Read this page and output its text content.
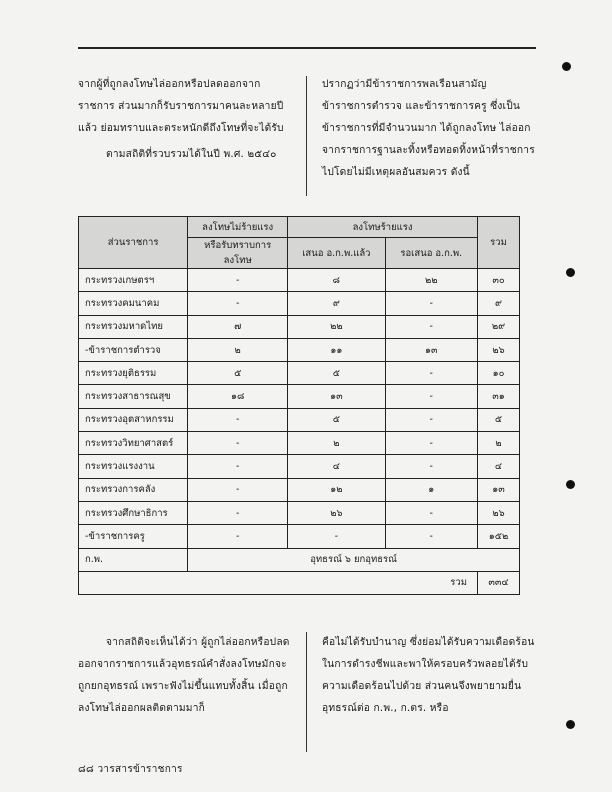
จากผู้ที่ถูกลงโทษไล่ออกหรือปลดออกจากราชการ ส่วนมากก็รับราชการมาคนละหลายปีแล้ว ย่อมทราบและตระหนักดีถึงโทษที่จะได้รับ

ตามสถิติที่รวบรวมได้ในปี พ.ศ. ๒๕๔๐

ปรากฏว่ามีข้าราชการพลเรือนสามัญ ข้าราชการตำรวจ และข้าราชการครู ซึ่งเป็นข้าราชการที่มีจำนวนมาก ได้ถูกลงโทษ ไล่ออกจากราชการฐานละทิ้งหรือทอดทิ้งหน้าที่ราชการไปโดยไม่มีเหตุผลอันสมควร ดังนี้

ส่วนราชการ	ลงโทษไม่ร้ายแรง	ลงโทษร้ายแรง		รวม
	หรือรับทราบการลงโทษ	เสนอ อ.ก.พ.แล้ว	รอเสนอ อ.ก.พ.	
กระทรวงเกษตรฯ	-	๘	๒๒	๓๐
กระทรวงคมนาคม	-	๙	-	๙
กระทรวงมหาดไทย	๗	๒๒	-	๒๙
-ข้าราชการตำรวจ	๒	๑๑	๑๓	๒๖
กระทรวงยุติธรรม	๕	๕	-	๑๐
กระทรวงสาธารณสุข	๑๘	๑๓	-	๓๑
กระทรวงอุตสาหกรรม	-	๕	-	๕
กระทรวงวิทยาศาสตร์	-	๒	-	๒
กระทรวงแรงงาน	-	๔	-	๔
กระทรวงการคลัง	-	๑๒	๑	๑๓
กระทรวงศึกษาธิการ	-	๒๖	-	๒๖
-ข้าราชการครู	-	-	-	๑๕๒
ก.พ.	อุทธรณ์ ๖ ยกอุทธรณ์			
รวม				๓๓๔

จากสถิติจะเห็นได้ว่า ผู้ถูกไล่ออกหรือปลดออกจากราชการแล้วอุทธรณ์คำสั่งลงโทษมักจะถูกยกอุทธรณ์ เพราะฟังไม่ขึ้นแทบทั้งสิ้น เมื่อถูกลงโทษไล่ออกผลติดตามมาก็

คือไม่ได้รับบำนาญ ซึ่งย่อมได้รับความเดือดร้อนในการดำรงชีพและพาให้ครอบครัวพลอยได้รับความเดือดร้อนไปด้วย ส่วนคนจึงพยายามยื่นอุทธรณ์ต่อ ก.พ., ก.ตร. หรือ

๘๘ วารสารข้าราชการ
